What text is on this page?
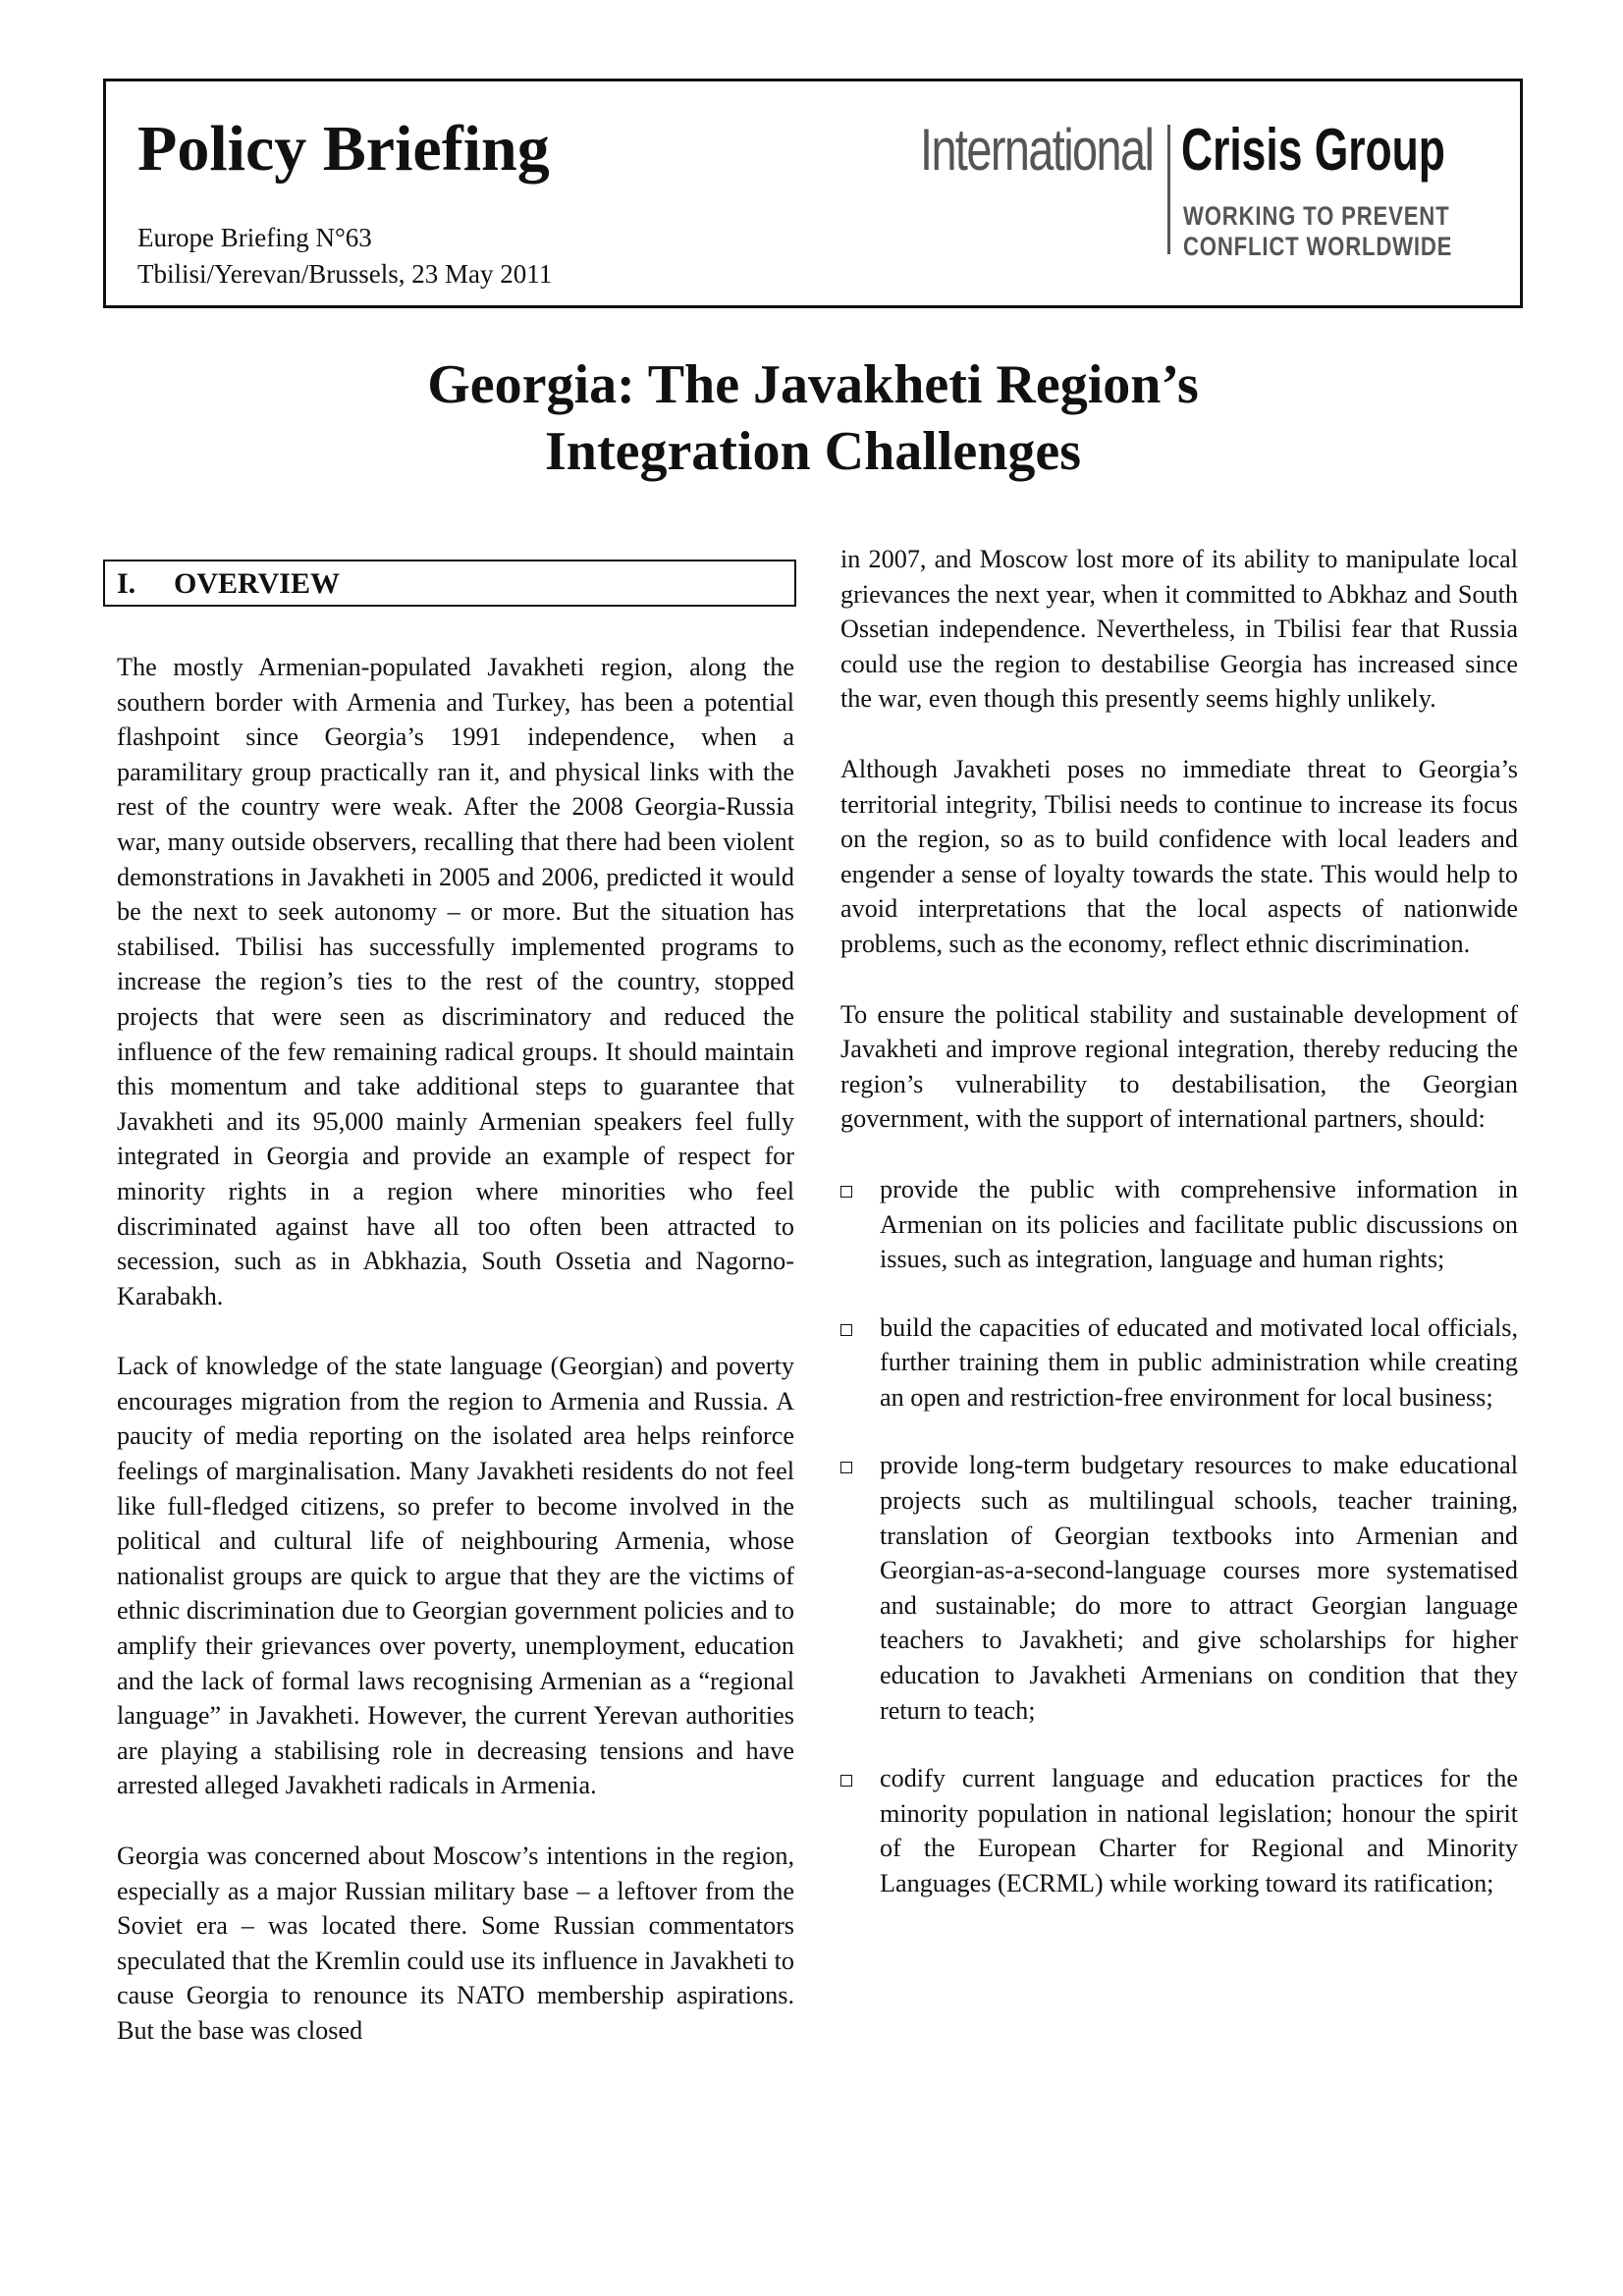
Policy Briefing
Europe Briefing N°63
Tbilisi/Yerevan/Brussels, 23 May 2011
International Crisis Group
WORKING TO PREVENT
CONFLICT WORLDWIDE
Georgia: The Javakheti Region’s
Integration Challenges
I. OVERVIEW

The mostly Armenian-populated Javakheti region, along the southern border with Armenia and Turkey, has been a potential flashpoint since Georgia’s 1991 independence, when a paramilitary group practically ran it, and physical links with the rest of the country were weak. After the 2008 Georgia-Russia war, many outside observers, recalling that there had been violent demonstrations in Javakheti in 2005 and 2006, predicted it would be the next to seek autonomy – or more. But the situation has stabilised. Tbilisi has successfully implemented programs to increase the region’s ties to the rest of the country, stopped projects that were seen as discriminatory and reduced the influence of the few remaining radical groups. It should maintain this momentum and take additional steps to guarantee that Javakheti and its 95,000 mainly Armenian speakers feel fully integrated in Georgia and provide an example of respect for minority rights in a region where minorities who feel discriminated against have all too often been attracted to secession, such as in Abkhazia, South Ossetia and Nagorno-Karabakh.

Lack of knowledge of the state language (Georgian) and poverty encourages migration from the region to Armenia and Russia. A paucity of media reporting on the isolated area helps reinforce feelings of marginalisation. Many Javakheti residents do not feel like full-fledged citizens, so prefer to become involved in the political and cultural life of neighbouring Armenia, whose nationalist groups are quick to argue that they are the victims of ethnic discrimination due to Georgian government policies and to amplify their grievances over poverty, unemployment, education and the lack of formal laws recognising Armenian as a “regional language” in Javakheti. However, the current Yerevan authorities are playing a stabilising role in decreasing tensions and have arrested alleged Javakheti radicals in Armenia.

Georgia was concerned about Moscow’s intentions in the region, especially as a major Russian military base – a leftover from the Soviet era – was located there. Some Russian commentators speculated that the Kremlin could use its influence in Javakheti to cause Georgia to renounce its NATO membership aspirations. But the base was closed

in 2007, and Moscow lost more of its ability to manipulate local grievances the next year, when it committed to Abkhaz and South Ossetian independence. Nevertheless, in Tbilisi fear that Russia could use the region to destabilise Georgia has increased since the war, even though this presently seems highly unlikely.

Although Javakheti poses no immediate threat to Georgia’s territorial integrity, Tbilisi needs to continue to increase its focus on the region, so as to build confidence with local leaders and engender a sense of loyalty towards the state. This would help to avoid interpretations that the local aspects of nationwide problems, such as the economy, reflect ethnic discrimination.

To ensure the political stability and sustainable development of Javakheti and improve regional integration, thereby reducing the region’s vulnerability to destabilisation, the Georgian government, with the support of international partners, should:

provide the public with comprehensive information in Armenian on its policies and facilitate public discussions on issues, such as integration, language and human rights;
build the capacities of educated and motivated local officials, further training them in public administration while creating an open and restriction-free environment for local business;
provide long-term budgetary resources to make educational projects such as multilingual schools, teacher training, translation of Georgian textbooks into Armenian and Georgian-as-a-second-language courses more systematised and sustainable; do more to attract Georgian language teachers to Javakheti; and give scholarships for higher education to Javakheti Armenians on condition that they return to teach;
codify current language and education practices for the minority population in national legislation; honour the spirit of the European Charter for Regional and Minority Languages (ECRML) while working toward its ratification;
